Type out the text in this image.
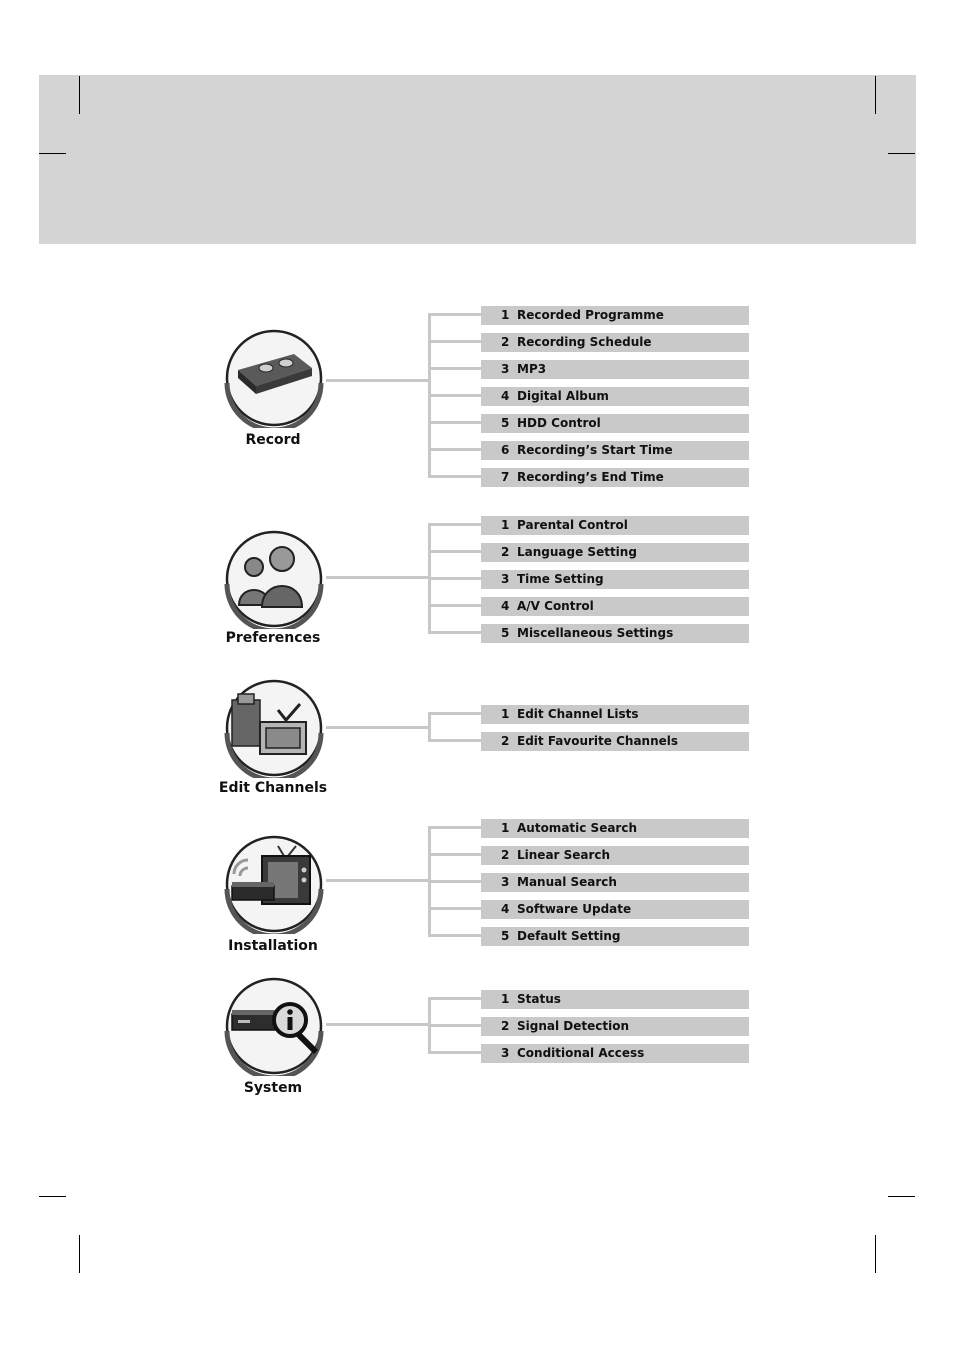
Record
1 Recorded Programme
2 Recording Schedule
3 MP3
4 Digital Album
5 HDD Control
6 Recording’s Start Time
7 Recording’s End Time
Preferences
1 Parental Control
2 Language Setting
3 Time Setting
4 A/V Control
5 Miscellaneous Settings
Edit Channels
1 Edit Channel Lists
2 Edit Favourite Channels
Installation
1 Automatic Search
2 Linear Search
3 Manual Search
4 Software Update
5 Default Setting
System
1 Status
2 Signal Detection
3 Conditional Access
